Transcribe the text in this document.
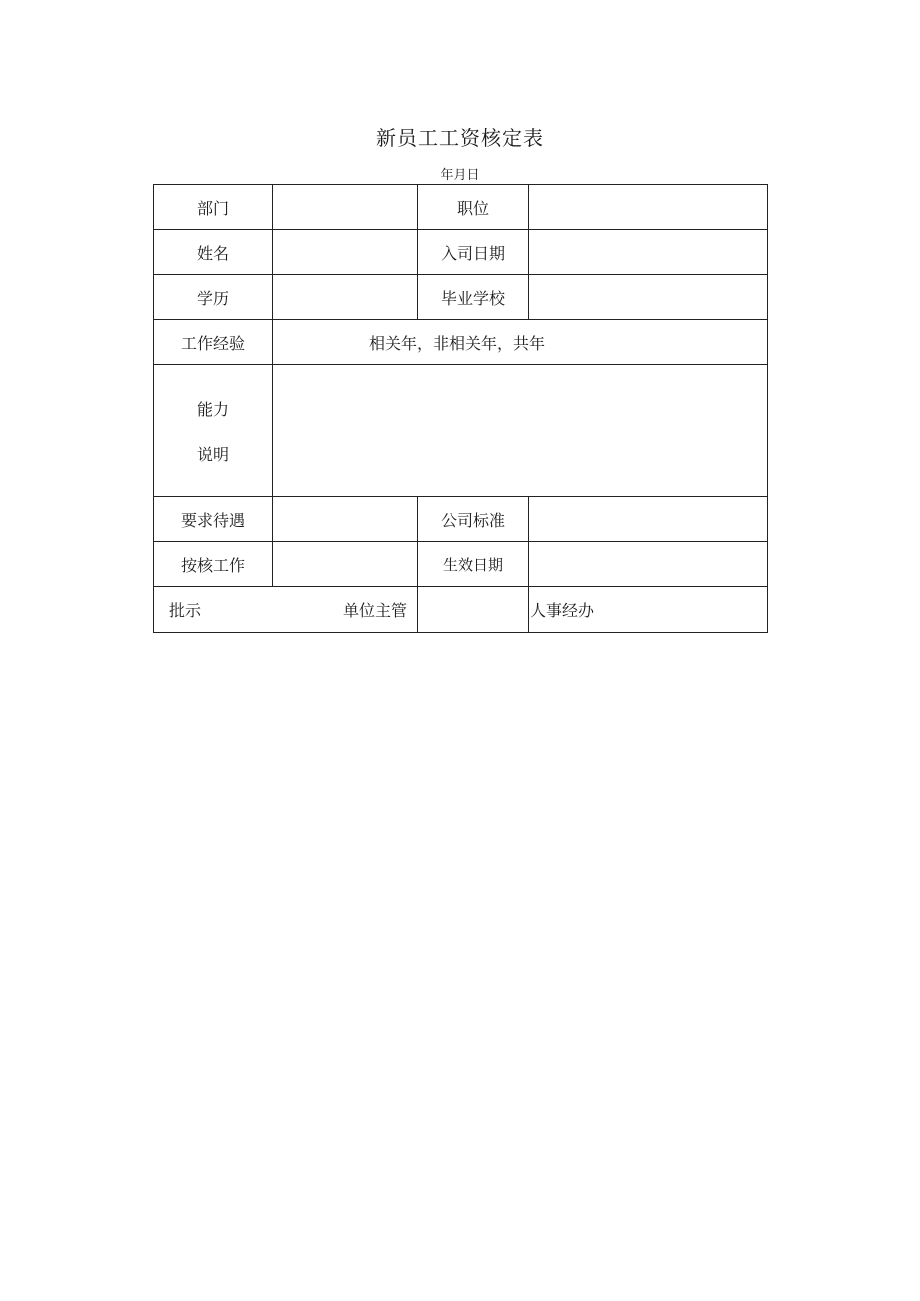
新员工工资核定表
年月日
部门		职位	
姓名		入司日期	
学历		毕业学校	
工作经验	相关年，非相关年，共年		

能力
说明			

要求待遇		公司标准	
按核工作		生效日期	

批示 单位主管			人事经办
